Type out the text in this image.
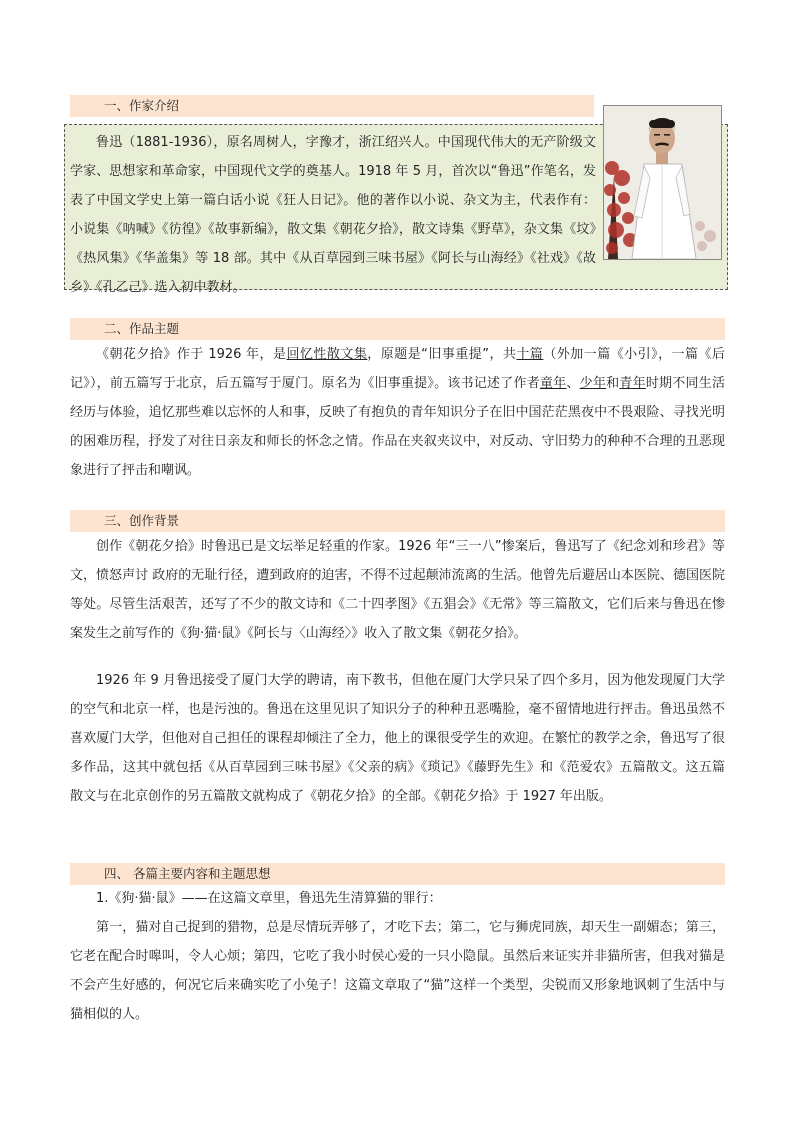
一、作家介绍

鲁迅（1881-1936），原名周树人，字豫才，浙江绍兴人。中国现代伟大的无产阶级文学家、思想家和革命家，中国现代文学的奠基人。1918 年 5 月，首次以“鲁迅”作笔名，发表了中国文学史上第一篇白话小说《狂人日记》。他的著作以小说、杂文为主，代表作有：小说集《呐喊》《彷徨》《故事新编》，散文集《朝花夕拾》，散文诗集《野草》，杂文集《坟》《热风集》《华盖集》等 18 部。其中《从百草园到三味书屋》《阿长与山海经》《社戏》《故乡》《孔乙己》选入初中教材。

二、作品主题

《朝花夕拾》作于 1926 年，是回忆性散文集，原题是“旧事重提”，共十篇（外加一篇《小引》，一篇《后记》），前五篇写于北京，后五篇写于厦门。原名为《旧事重提》。该书记述了作者童年、少年和青年时期不同生活经历与体验，追忆那些难以忘怀的人和事，反映了有抱负的青年知识分子在旧中国茫茫黑夜中不畏艰险、寻找光明的困难历程，抒发了对往日亲友和师长的怀念之情。作品在夹叙夹议中，对反动、守旧势力的种种不合理的丑恶现象进行了抨击和嘲讽。

三、创作背景

创作《朝花夕拾》时鲁迅已是文坛举足轻重的作家。1926 年“三一八”惨案后，鲁迅写了《纪念刘和珍君》等文，愤怒声讨 政府的无耻行径，遭到政府的迫害，不得不过起颠沛流离的生活。他曾先后避居山本医院、德国医院等处。尽管生活艰苦，还写了不少的散文诗和《二十四孝图》《五猖会》《无常》等三篇散文，它们后来与鲁迅在惨案发生之前写作的《狗·猫·鼠》《阿长与〈山海经〉》收入了散文集《朝花夕拾》。

1926 年 9 月鲁迅接受了厦门大学的聘请，南下教书，但他在厦门大学只呆了四个多月，因为他发现厦门大学的空气和北京一样，也是污浊的。鲁迅在这里见识了知识分子的种种丑恶嘴脸，毫不留情地进行抨击。鲁迅虽然不喜欢厦门大学，但他对自己担任的课程却倾注了全力，他上的课很受学生的欢迎。在繁忙的教学之余，鲁迅写了很多作品，这其中就包括《从百草园到三味书屋》《父亲的病》《琐记》《藤野先生》和《范爱农》五篇散文。这五篇散文与在北京创作的另五篇散文就构成了《朝花夕拾》的全部。《朝花夕拾》于 1927 年出版。

四、 各篇主要内容和主题思想

1.《狗·猫·鼠》——在这篇文章里，鲁迅先生清算猫的罪行：

第一，猫对自己捉到的猎物，总是尽情玩弄够了，才吃下去；第二，它与狮虎同族，却天生一副媚态；第三，它老在配合时嗥叫，令人心烦；第四，它吃了我小时侯心爱的一只小隐鼠。虽然后来证实并非猫所害，但我对猫是不会产生好感的，何况它后来确实吃了小兔子！这篇文章取了“猫”这样一个类型，尖锐而又形象地讽刺了生活中与猫相似的人。
